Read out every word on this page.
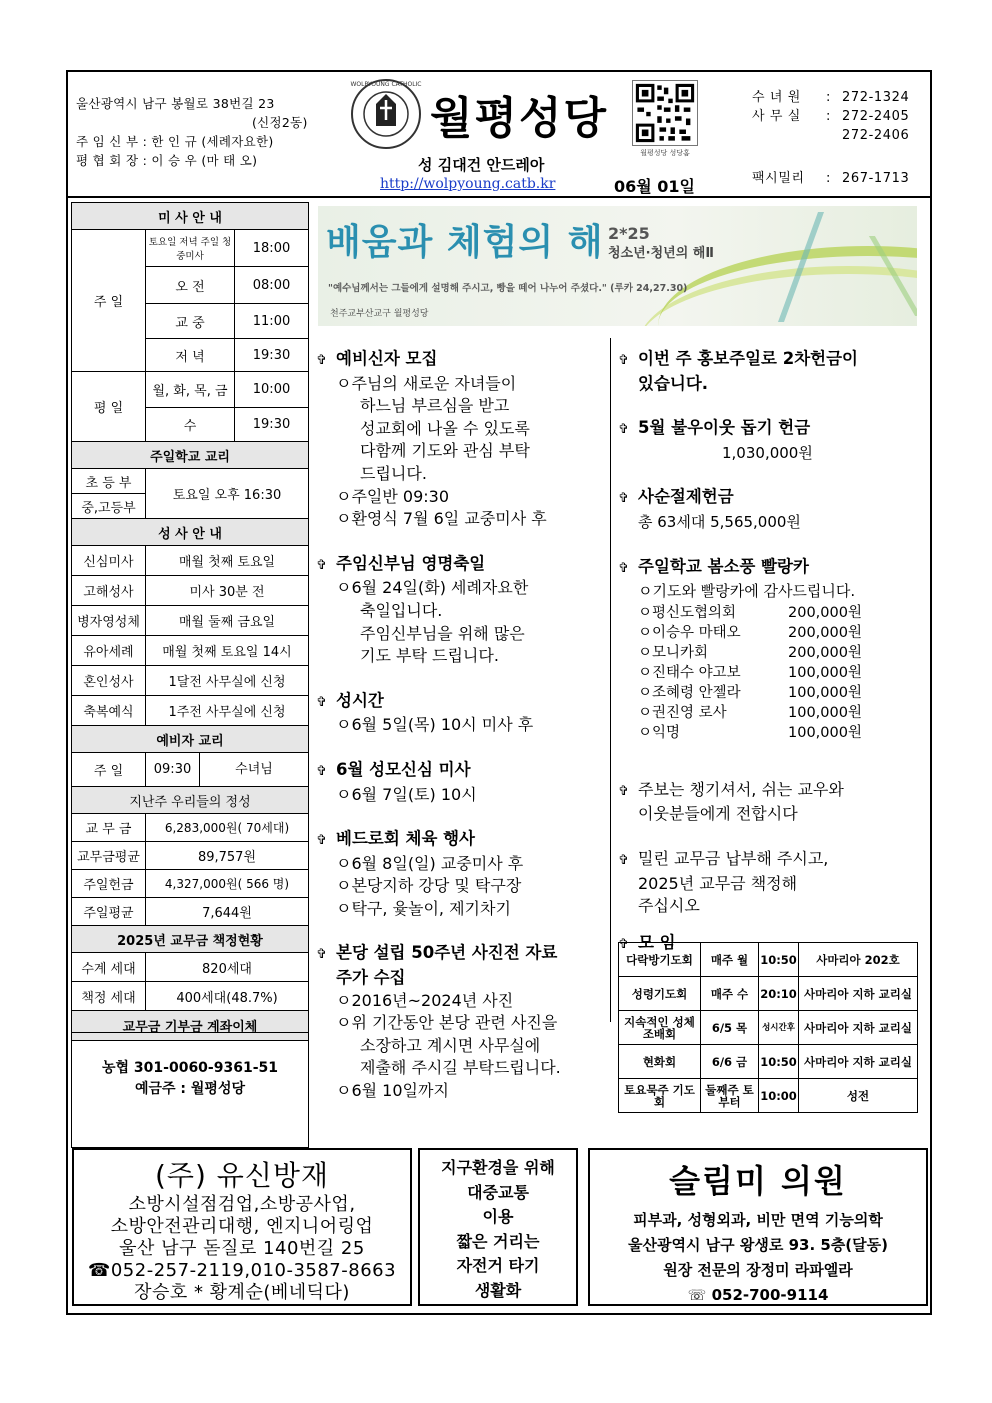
울산광역시 남구 봉월로 38번길 23
(신정2동)
주 임 신 부 : 한 인 규 (세례자요한)
평 협 회 장 : 이 승 우 (마 태 오)
WOLPYOUNG CATHOLIC
월평성당
성 김대건 안드레아
http://wolpyoung.catb.kr	06월 01일
월평성당 성당홈
수 녀 원	: 272-1324
사 무 실	: 272-2405
272-2406
팩시밀리	: 267-1713
미 사 안 내		
주 일	토요일 저녁 주일 청중미사	18:00
	오 전	08:00
	교 중	11:00
	저 녁	19:30
평 일	월, 화, 목, 금	10:00
	수	19:30
주일학교 교리		
초 등 부	토요일 오후 16:30	
중,고등부		
성 사 안 내		
신심미사	매월 첫째 토요일	
고해성사	미사 30분 전	
병자영성체	매월 둘째 금요일	
유아세례	매월 첫째 토요일 14시	
혼인성사	1달전 사무실에 신청	
축복예식	1주전 사무실에 신청	
예비자 교리		
주 일	09:30 수녀님	

지난주 우리들의 정성		
교 무 금	6,283,000원( 70세대)	
교무금평균	89,757원	
주일헌금	4,327,000원( 566 명)	
주일평균	7,644원	
2025년 교무금 책정현황		
수계 세대	820세대	
책정 세대	400세대(48.7%)	
교무금 기부금 계좌이체		
농협 301-0060-9361-51
예금주 : 월평성당
배움과 체험의 해 2*25
청소년·청년의 해Ⅱ
"예수님께서는 그들에게 설명해 주시고, 빵을 떼어 나누어 주셨다." (루카 24,27.30)
천주교부산교구 월평성당
✞ 예비신자 모집
ㅇ주님의 새로운 자녀들이
하느님 부르심을 받고
성교회에 나올 수 있도록
다함께 기도와 관심 부탁
드립니다.
ㅇ주일반 09:30
ㅇ환영식 7월 6일 교중미사 후
✞ 주임신부님 영명축일
ㅇ6월 24일(화) 세례자요한
축일입니다.
주임신부님을 위해 많은
기도 부탁 드립니다.
✞ 성시간
ㅇ6월 5일(목) 10시 미사 후
✞ 6월 성모신심 미사
ㅇ6월 7일(토) 10시
✞ 베드로회 체육 행사
ㅇ6월 8일(일) 교중미사 후
ㅇ본당지하 강당 및 탁구장
ㅇ탁구, 윷놀이, 제기차기
✞ 본당 설립 50주년 사진전 자료
주가 수집
ㅇ2016년~2024년 사진
ㅇ위 기간동안 본당 관련 사진을
소장하고 계시면 사무실에
제출해 주시길 부탁드립니다.
ㅇ6월 10일까지
✞ 이번 주 홍보주일로 2차헌금이
있습니다.
✞ 5월 불우이웃 돕기 헌금
1,030,000원
✞ 사순절제헌금
총 63세대 5,565,000원
✞ 주일학교 봄소풍 빨랑카
ㅇ기도와 빨랑카에 감사드립니다.
ㅇ평신도협의회	200,000원
ㅇ이승우 마태오	200,000원
ㅇ모니카회	200,000원
ㅇ진태수 야고보	100,000원
ㅇ조혜령 안젤라	100,000원
ㅇ권진영 로사	100,000원
ㅇ익명	100,000원
✞ 주보는 챙기셔서, 쉬는 교우와
이웃분들에게 전합시다
✞ 밀린 교무금 납부해 주시고,
2025년 교무금 책정해
주십시오
✞ 모 임
다락방기도회	매주 월	10:50	사마리아 202호
성령기도회	매주 수	20:10	사마리아 지하 교리실
지속적인 성체 조배회	6/5 목	성시간후	사마리아 지하 교리실
현화회	6/6 금	10:50	사마리아 지하 교리실
토요묵주 기도회	둘째주 토부터	10:00	성전
(주) 유신방재
소방시설점검업,소방공사업,
소방안전관리대행, 엔지니어링업
울산 남구 돋질로 140번길 25
☎052-257-2119,010-3587-8663
장승호 * 황계순(베네딕다)
지구환경을 위해
대중교통
이용
짧은 거리는
자전거 타기
생활화
슬림미 의원
피부과, 성형외과, 비만 면역 기능의학
울산광역시 남구 왕생로 93. 5층(달동)
원장 전문의 장정미 라파엘라
☏ 052-700-9114
